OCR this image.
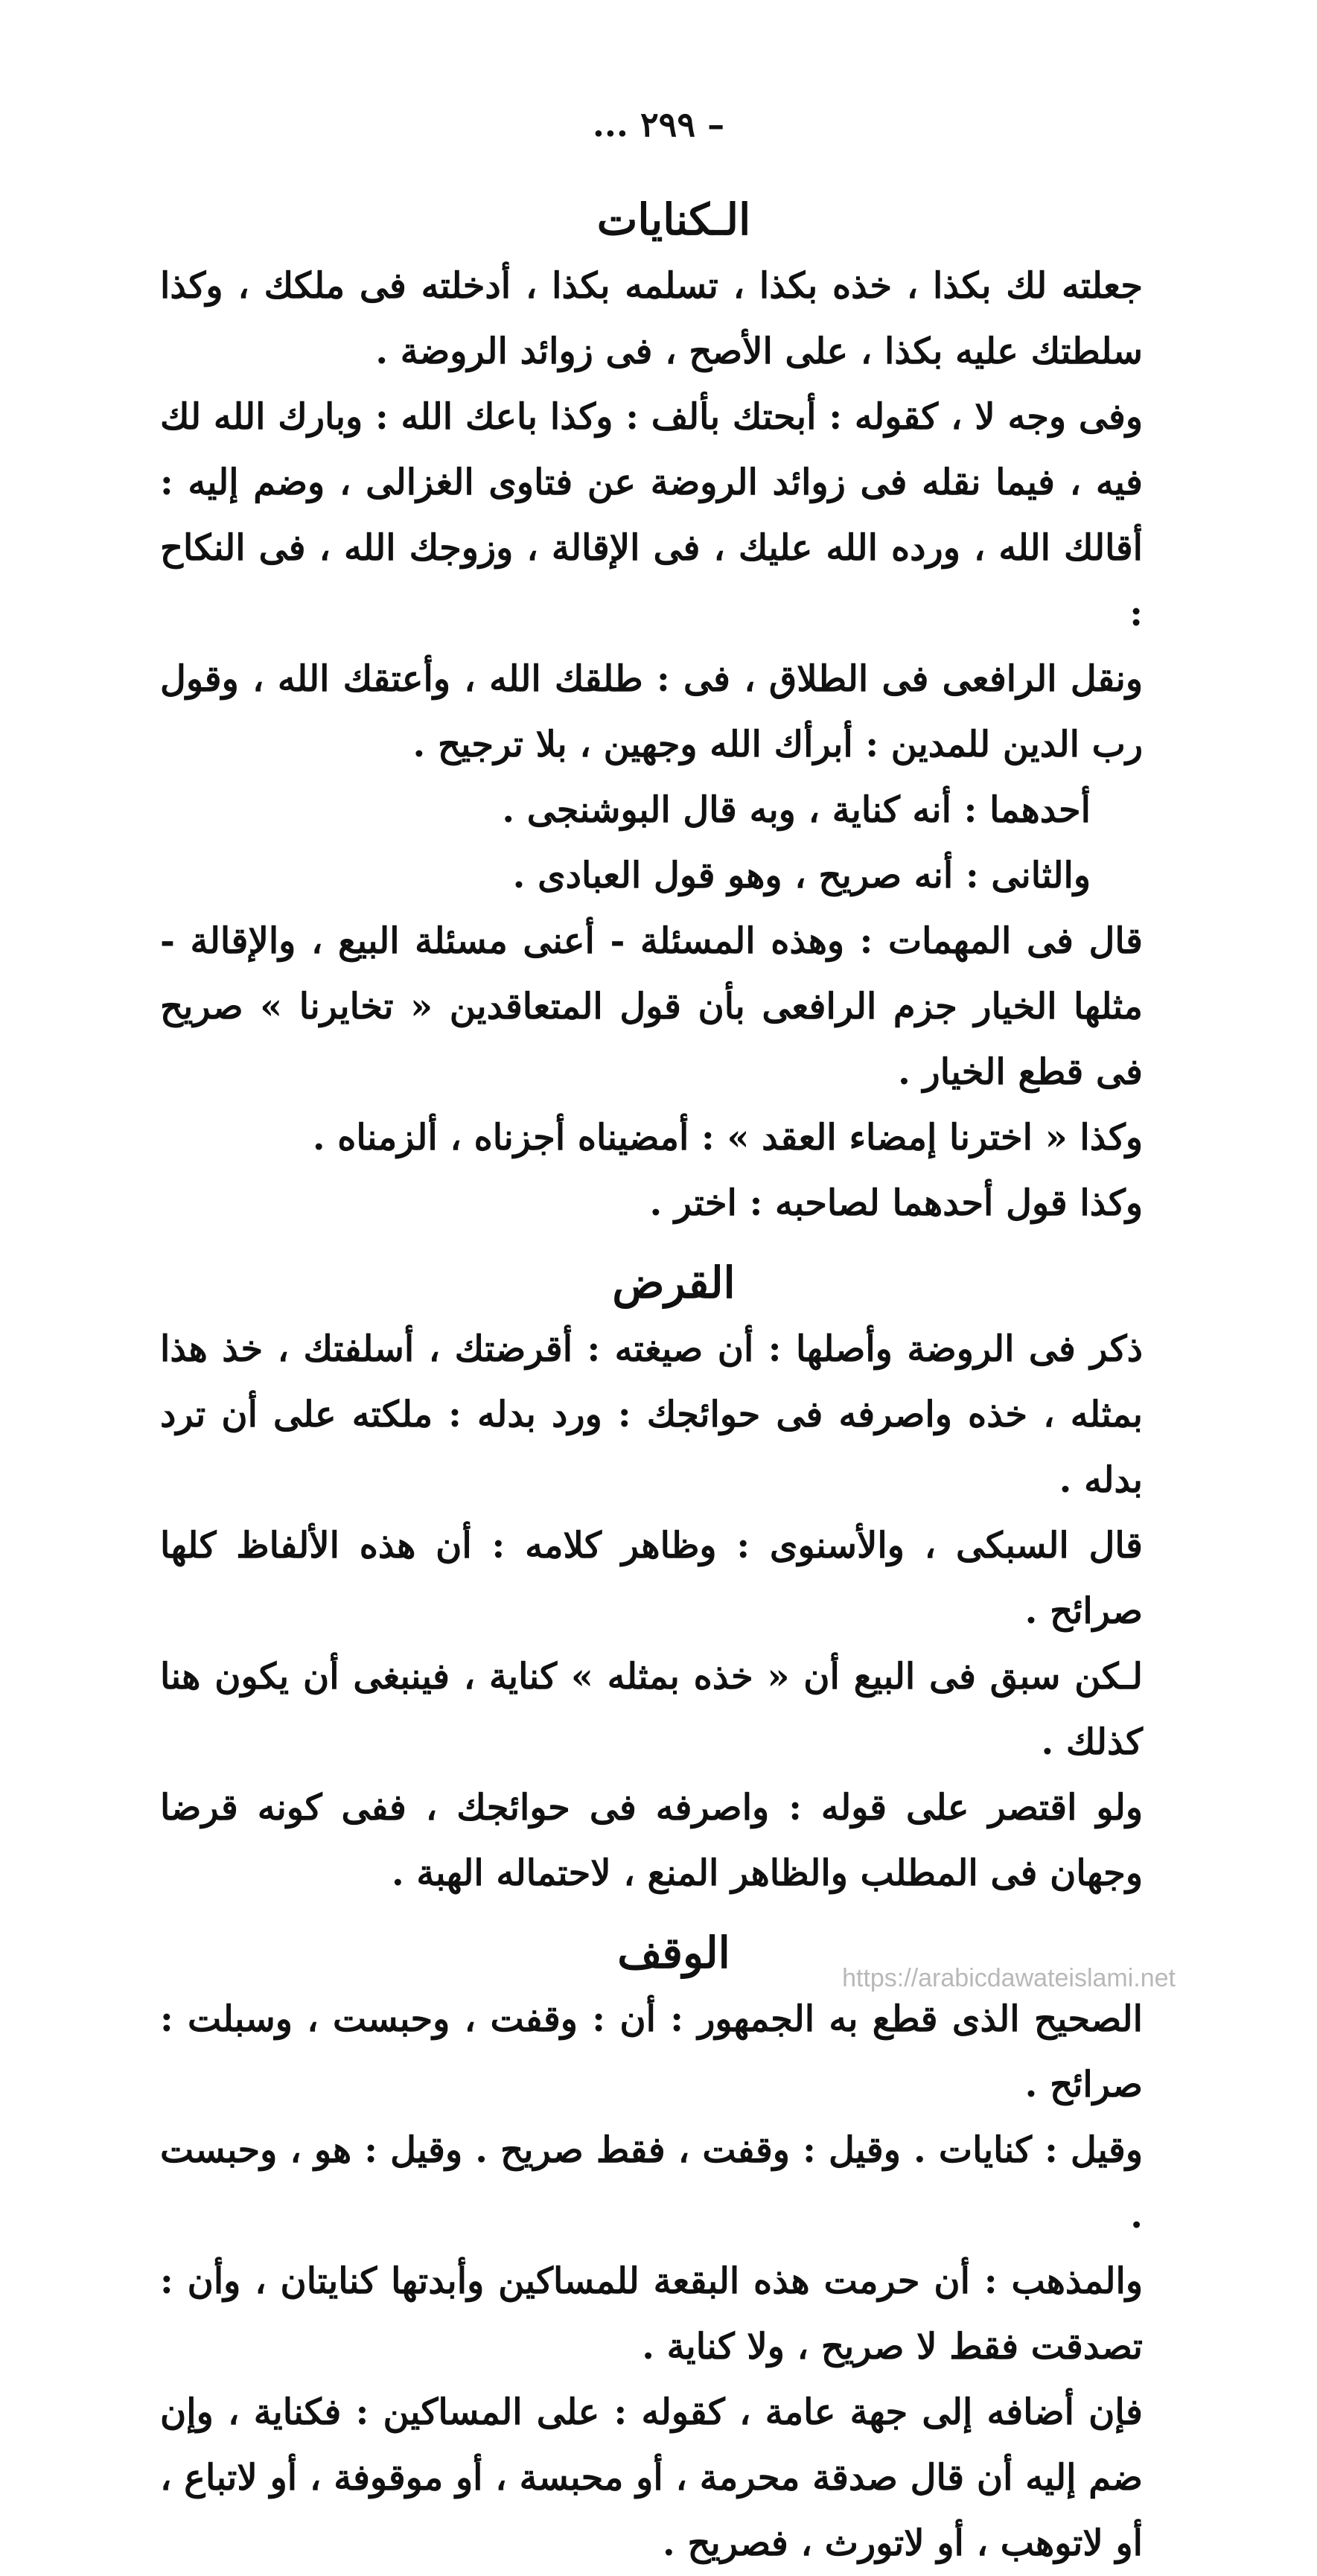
– ٢٩٩ ...
الـكنايات

جعلته لك بكذا ، خذه بكذا ، تسلمه بكذا ، أدخلته فى ملكك ، وكذا سلطتك عليه بكذا ، على الأصح ، فى زوائد الروضة .

وفى وجه لا ، كقوله : أبحتك بألف : وكذا باعك الله : وبارك الله لك فيه ، فيما نقله فى زوائد الروضة عن فتاوى الغزالى ، وضم إليه : أقالك الله ، ورده الله عليك ، فى الإقالة ، وزوجك الله ، فى النكاح :

ونقل الرافعى فى الطلاق ، فى : طلقك الله ، وأعتقك الله ، وقول رب الدين للمدين : أبرأك الله وجهين ، بلا ترجيح .

أحدهما : أنه كناية ، وبه قال البوشنجى .

والثانى : أنه صريح ، وهو قول العبادى .

قال فى المهمات : وهذه المسئلة - أعنى مسئلة البيع ، والإقالة - مثلها الخيار جزم الرافعى بأن قول المتعاقدين « تخايرنا » صريح فى قطع الخيار .

وكذا « اخترنا إمضاء العقد » : أمضيناه أجزناه ، ألزمناه .

وكذا قول أحدهما لصاحبه : اختر .

القرض

ذكر فى الروضة وأصلها : أن صيغته : أقرضتك ، أسلفتك ، خذ هذا بمثله ، خذه واصرفه فى حوائجك : ورد بدله : ملكته على أن ترد بدله .

قال السبكى ، والأسنوى : وظاهر كلامه : أن هذه الألفاظ كلها صرائح .

لـكن سبق فى البيع أن « خذه بمثله » كناية ، فينبغى أن يكون هنا كذلك .

ولو اقتصر على قوله : واصرفه فى حوائجك ، ففى كونه قرضا وجهان فى المطلب والظاهر المنع ، لاحتماله الهبة .

الوقف

الصحيح الذى قطع به الجمهور : أن : وقفت ، وحبست ، وسبلت : صرائح .

وقيل : كنايات . وقيل : وقفت ، فقط صريح . وقيل : هو ، وحبست .

والمذهب : أن حرمت هذه البقعة للمساكين وأبدتها كنايتان ، وأن : تصدقت فقط لا صريح ، ولا كناية .

فإن أضافه إلى جهة عامة ، كقوله : على المساكين : فكناية ، وإن ضم إليه أن قال صدقة محرمة ، أو محبسة ، أو موقوفة ، أو لاتباع ، أو لاتوهب ، أو لاتورث ، فصريح .

https://arabicdawateislami.net
